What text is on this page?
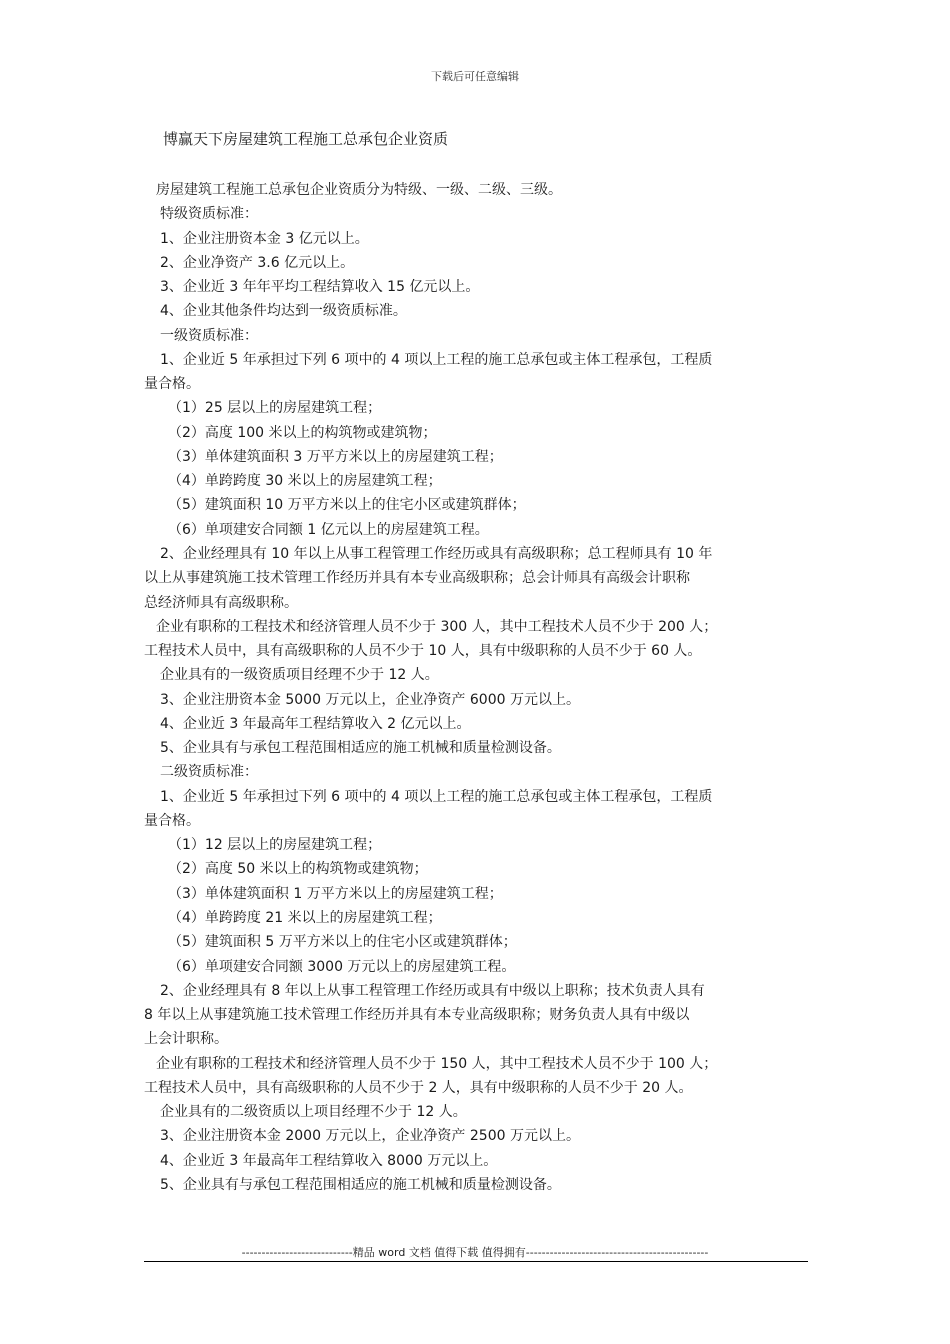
下载后可任意编辑
博赢天下房屋建筑工程施工总承包企业资质
房屋建筑工程施工总承包企业资质分为特级、一级、二级、三级。
特级资质标准：
1、企业注册资本金 3 亿元以上。
2、企业净资产 3.6 亿元以上。
3、企业近 3 年年平均工程结算收入 15 亿元以上。
4、企业其他条件均达到一级资质标准。
一级资质标准：
1、企业近 5 年承担过下列 6 项中的 4 项以上工程的施工总承包或主体工程承包，工程质
量合格。
（1）25 层以上的房屋建筑工程；
（2）高度 100 米以上的构筑物或建筑物；
（3）单体建筑面积 3 万平方米以上的房屋建筑工程；
（4）单跨跨度 30 米以上的房屋建筑工程；
（5）建筑面积 10 万平方米以上的住宅小区或建筑群体；
（6）单项建安合同额 1 亿元以上的房屋建筑工程。
2、企业经理具有 10 年以上从事工程管理工作经历或具有高级职称；总工程师具有 10 年
以上从事建筑施工技术管理工作经历并具有本专业高级职称；总会计师具有高级会计职称
总经济师具有高级职称。
企业有职称的工程技术和经济管理人员不少于 300 人，其中工程技术人员不少于 200 人；
工程技术人员中，具有高级职称的人员不少于 10 人，具有中级职称的人员不少于 60 人。
企业具有的一级资质项目经理不少于 12 人。
3、企业注册资本金 5000 万元以上，企业净资产 6000 万元以上。
4、企业近 3 年最高年工程结算收入 2 亿元以上。
5、企业具有与承包工程范围相适应的施工机械和质量检测设备。
二级资质标准：
1、企业近 5 年承担过下列 6 项中的 4 项以上工程的施工总承包或主体工程承包，工程质
量合格。
（1）12 层以上的房屋建筑工程；
（2）高度 50 米以上的构筑物或建筑物；
（3）单体建筑面积 1 万平方米以上的房屋建筑工程；
（4）单跨跨度 21 米以上的房屋建筑工程；
（5）建筑面积 5 万平方米以上的住宅小区或建筑群体；
（6）单项建安合同额 3000 万元以上的房屋建筑工程。
2、企业经理具有 8 年以上从事工程管理工作经历或具有中级以上职称；技术负责人具有
8 年以上从事建筑施工技术管理工作经历并具有本专业高级职称；财务负责人具有中级以
上会计职称。
企业有职称的工程技术和经济管理人员不少于 150 人，其中工程技术人员不少于 100 人；
工程技术人员中，具有高级职称的人员不少于 2 人，具有中级职称的人员不少于 20 人。
企业具有的二级资质以上项目经理不少于 12 人。
3、企业注册资本金 2000 万元以上，企业净资产 2500 万元以上。
4、企业近 3 年最高年工程结算收入 8000 万元以上。
5、企业具有与承包工程范围相适应的施工机械和质量检测设备。
----------------------------精品 word 文档 值得下载 值得拥有----------------------------------------------
